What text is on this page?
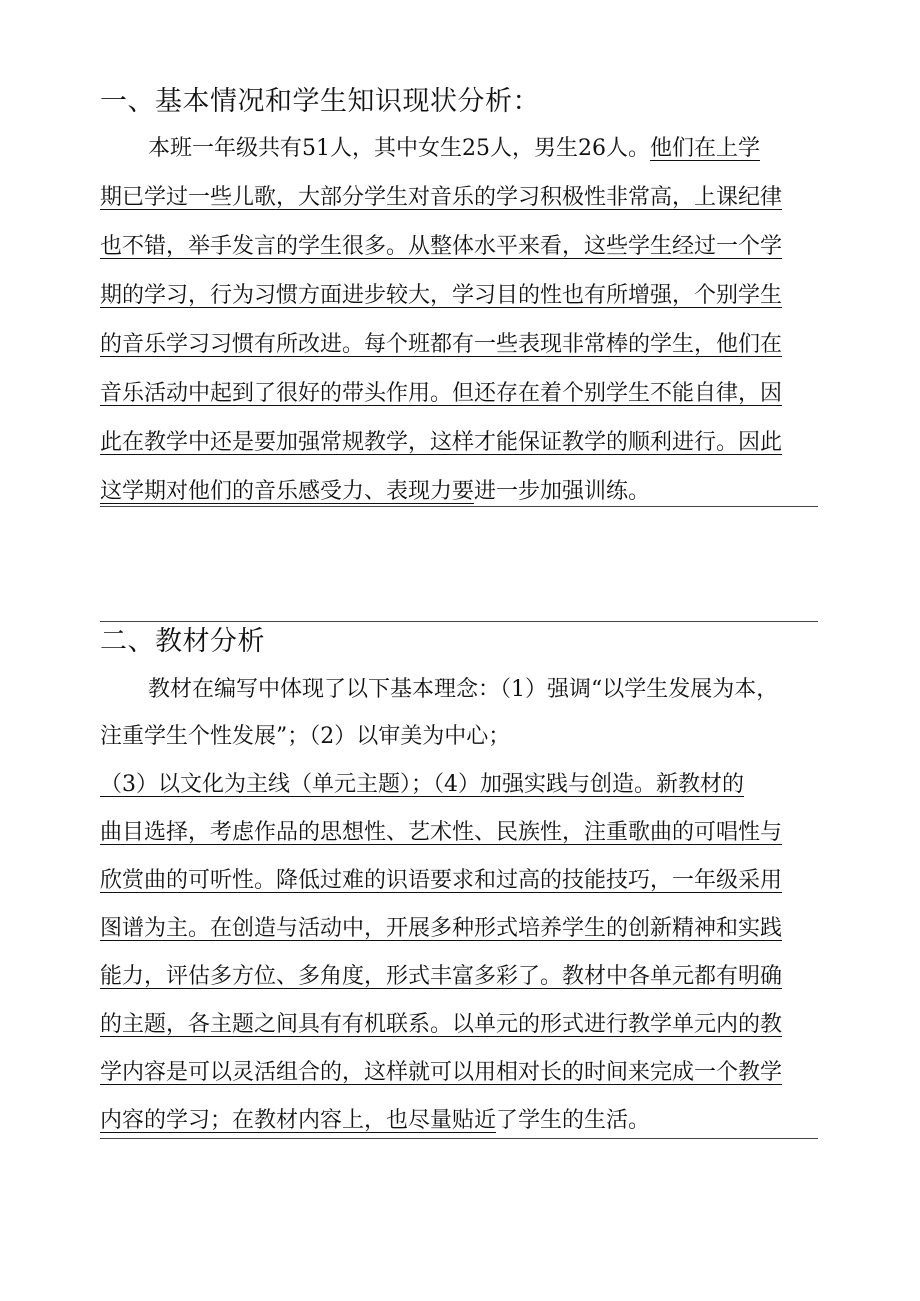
一、基本情况和学生知识现状分析：
本班一年级共有51人，其中女生25人，男生26人。他们在上学
期已学过一些儿歌，大部分学生对音乐的学习积极性非常高，上课纪律
也不错，举手发言的学生很多。从整体水平来看，这些学生经过一个学
期的学习，行为习惯方面进步较大，学习目的性也有所增强，个别学生
的音乐学习习惯有所改进。每个班都有一些表现非常棒的学生，他们在
音乐活动中起到了很好的带头作用。但还存在着个别学生不能自律，因
此在教学中还是要加强常规教学，这样才能保证教学的顺利进行。因此
这学期对他们的音乐感受力、表现力要进一步加强训练。
二、教材分析
教材在编写中体现了以下基本理念：（1）强调“以学生发展为本，
注重学生个性发展”；（2）以审美为中心；
（3）以文化为主线（单元主题）；（4）加强实践与创造。新教材的
曲目选择，考虑作品的思想性、艺术性、民族性，注重歌曲的可唱性与
欣赏曲的可听性。降低过难的识语要求和过高的技能技巧，一年级采用
图谱为主。在创造与活动中，开展多种形式培养学生的创新精神和实践
能力，评估多方位、多角度，形式丰富多彩了。教材中各单元都有明确
的主题，各主题之间具有有机联系。以单元的形式进行教学单元内的教
学内容是可以灵活组合的，这样就可以用相对长的时间来完成一个教学
内容的学习；在教材内容上，也尽量贴近了学生的生活。
